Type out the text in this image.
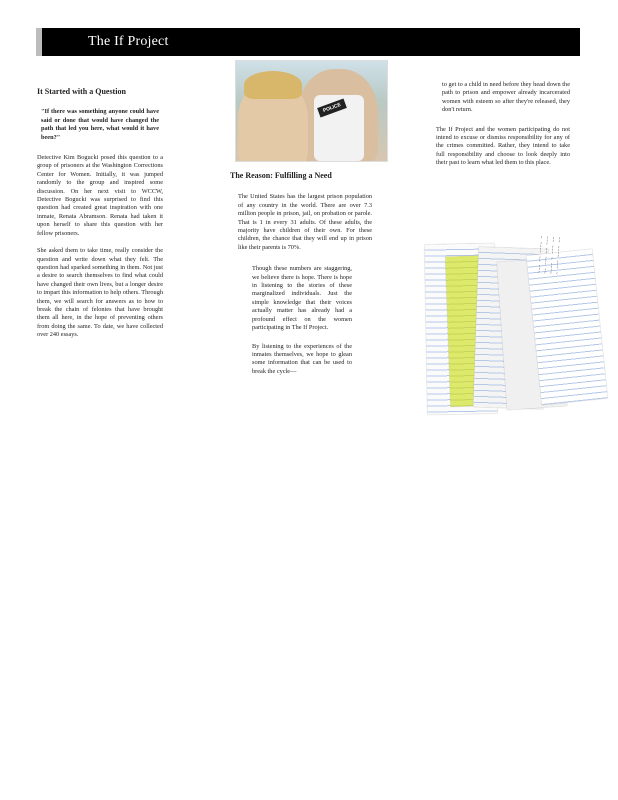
The If Project
It Started with a Question

"If there was something anyone could have said or done that would have changed the path that led you here, what would it have been?"

Detective Kim Bogucki posed this question to a group of prisoners at the Washington Corrections Center for Women. Initially, it was jumped randomly to the group and inspired some discussion. On her next visit to WCCW, Detective Bogucki was surprised to find this question had created great inspiration with one inmate, Renata Abramson. Renata had taken it upon herself to share this question with her fellow prisoners.

She asked them to take time, really consider the question and write down what they felt. The question had sparked something in them. Not just a desire to search themselves to find what could have changed their own lives, but a longer desire to impart this information to help others. Through them, we will search for answers as to how to break the chain of felonies that have brought them all here, in the hope of preventing others from doing the same. To date, we have collected over 240 essays.

POLICE
The Reason: Fulfilling a Need

The United States has the largest prison population of any country in the world. There are over 7.3 million people in prison, jail, on probation or parole. That is 1 in every 31 adults. Of these adults, the majority have children of their own. For these children, the chance that they will end up in prison like their parents is 70%.

Though these numbers are staggering, we believe there is hope. There is hope in listening to the stories of these marginalized individuals. Just the simple knowledge that their voices actually matter has already had a profound effect on the women participating in The If Project.

By listening to the experiences of the inmates themselves, we hope to glean some information that can be used to break the cycle—

to get to a child in need before they head down the path to prison and empower already incarcerated women with esteem so after they're released, they don't return.

The If Project and the women participating do not intend to excuse or dismiss responsibility for any of the crimes committed. Rather, they intend to take full responsibility and choose to look deeply into their past to learn what led them to this place.

~~~ ~~ ~~~~ ~
~~ ~~~ ~~ ~~~
~~~~ ~ ~~~ ~~
~ ~~~ ~~~~ ~~
